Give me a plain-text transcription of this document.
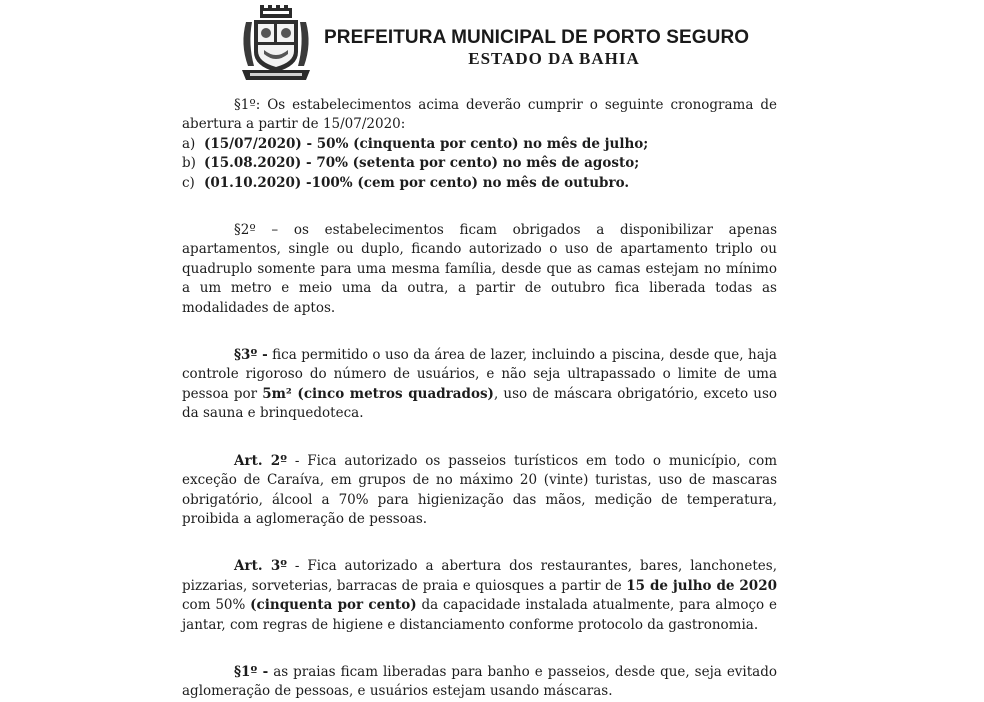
PREFEITURA MUNICIPAL DE PORTO SEGURO
ESTADO DA BAHIA

§1º: Os estabelecimentos acima deverão cumprir o seguinte cronograma de abertura a partir de 15/07/2020:

a) (15/07/2020) - 50% (cinquenta por cento) no mês de julho;
b) (15.08.2020) - 70% (setenta por cento) no mês de agosto;
c) (01.10.2020) -100% (cem por cento) no mês de outubro.

§2º – os estabelecimentos ficam obrigados a disponibilizar apenas apartamentos, single ou duplo, ficando autorizado o uso de apartamento triplo ou quadruplo somente para uma mesma família, desde que as camas estejam no mínimo a um metro e meio uma da outra, a partir de outubro fica liberada todas as modalidades de aptos.

§3º - fica permitido o uso da área de lazer, incluindo a piscina, desde que, haja controle rigoroso do número de usuários, e não seja ultrapassado o limite de uma pessoa por 5m² (cinco metros quadrados), uso de máscara obrigatório, exceto uso da sauna e brinquedoteca.

Art. 2º - Fica autorizado os passeios turísticos em todo o município, com exceção de Caraíva, em grupos de no máximo 20 (vinte) turistas, uso de mascaras obrigatório, álcool a 70% para higienização das mãos, medição de temperatura, proibida a aglomeração de pessoas.

Art. 3º - Fica autorizado a abertura dos restaurantes, bares, lanchonetes, pizzarias, sorveterias, barracas de praia e quiosques a partir de 15 de julho de 2020 com 50% (cinquenta por cento) da capacidade instalada atualmente, para almoço e jantar, com regras de higiene e distanciamento conforme protocolo da gastronomia.

§1º - as praias ficam liberadas para banho e passeios, desde que, seja evitado aglomeração de pessoas, e usuários estejam usando máscaras.
